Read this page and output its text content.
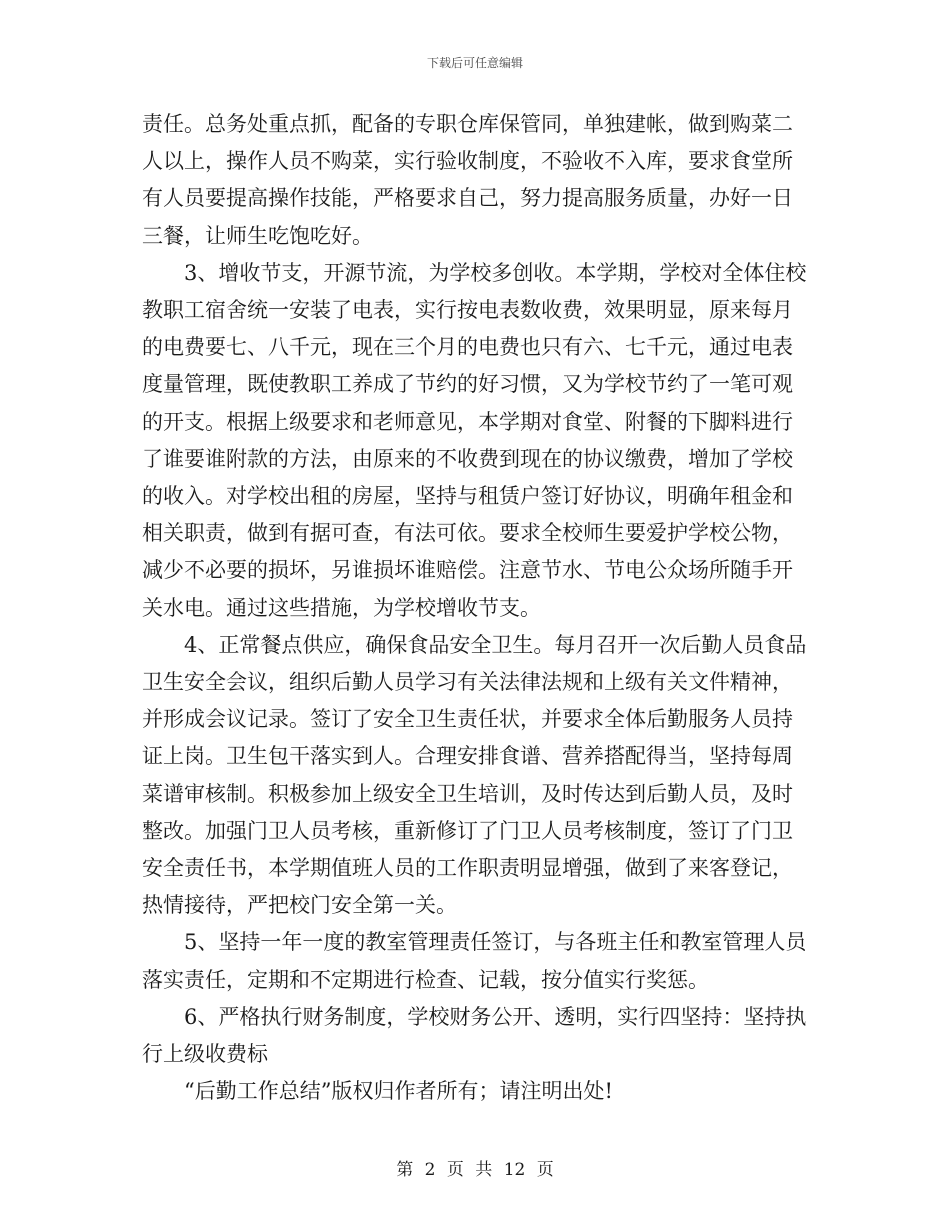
下载后可任意编辑

责任。总务处重点抓，配备的专职仓库保管同，单独建帐，做到购菜二人以上，操作人员不购菜，实行验收制度，不验收不入库，要求食堂所有人员要提高操作技能，严格要求自己，努力提高服务质量，办好一日三餐，让师生吃饱吃好。

3、增收节支，开源节流，为学校多创收。本学期，学校对全体住校教职工宿舍统一安装了电表，实行按电表数收费，效果明显，原来每月的电费要七、八千元，现在三个月的电费也只有六、七千元，通过电表度量管理，既使教职工养成了节约的好习惯，又为学校节约了一笔可观的开支。根据上级要求和老师意见，本学期对食堂、附餐的下脚料进行了谁要谁附款的方法，由原来的不收费到现在的协议缴费，增加了学校的收入。对学校出租的房屋，坚持与租赁户签订好协议，明确年租金和相关职责，做到有据可查，有法可依。要求全校师生要爱护学校公物，减少不必要的损坏，另谁损坏谁赔偿。注意节水、节电公众场所随手开关水电。通过这些措施，为学校增收节支。

4、正常餐点供应，确保食品安全卫生。每月召开一次后勤人员食品卫生安全会议，组织后勤人员学习有关法律法规和上级有关文件精神，并形成会议记录。签订了安全卫生责任状，并要求全体后勤服务人员持证上岗。卫生包干落实到人。合理安排食谱、营养搭配得当，坚持每周菜谱审核制。积极参加上级安全卫生培训，及时传达到后勤人员，及时整改。加强门卫人员考核，重新修订了门卫人员考核制度，签订了门卫安全责任书，本学期值班人员的工作职责明显增强，做到了来客登记，热情接待，严把校门安全第一关。

5、坚持一年一度的教室管理责任签订，与各班主任和教室管理人员落实责任，定期和不定期进行检查、记载，按分值实行奖惩。

6、严格执行财务制度，学校财务公开、透明，实行四坚持：坚持执行上级收费标

“后勤工作总结”版权归作者所有；请注明出处!

第 2 页 共 12 页
